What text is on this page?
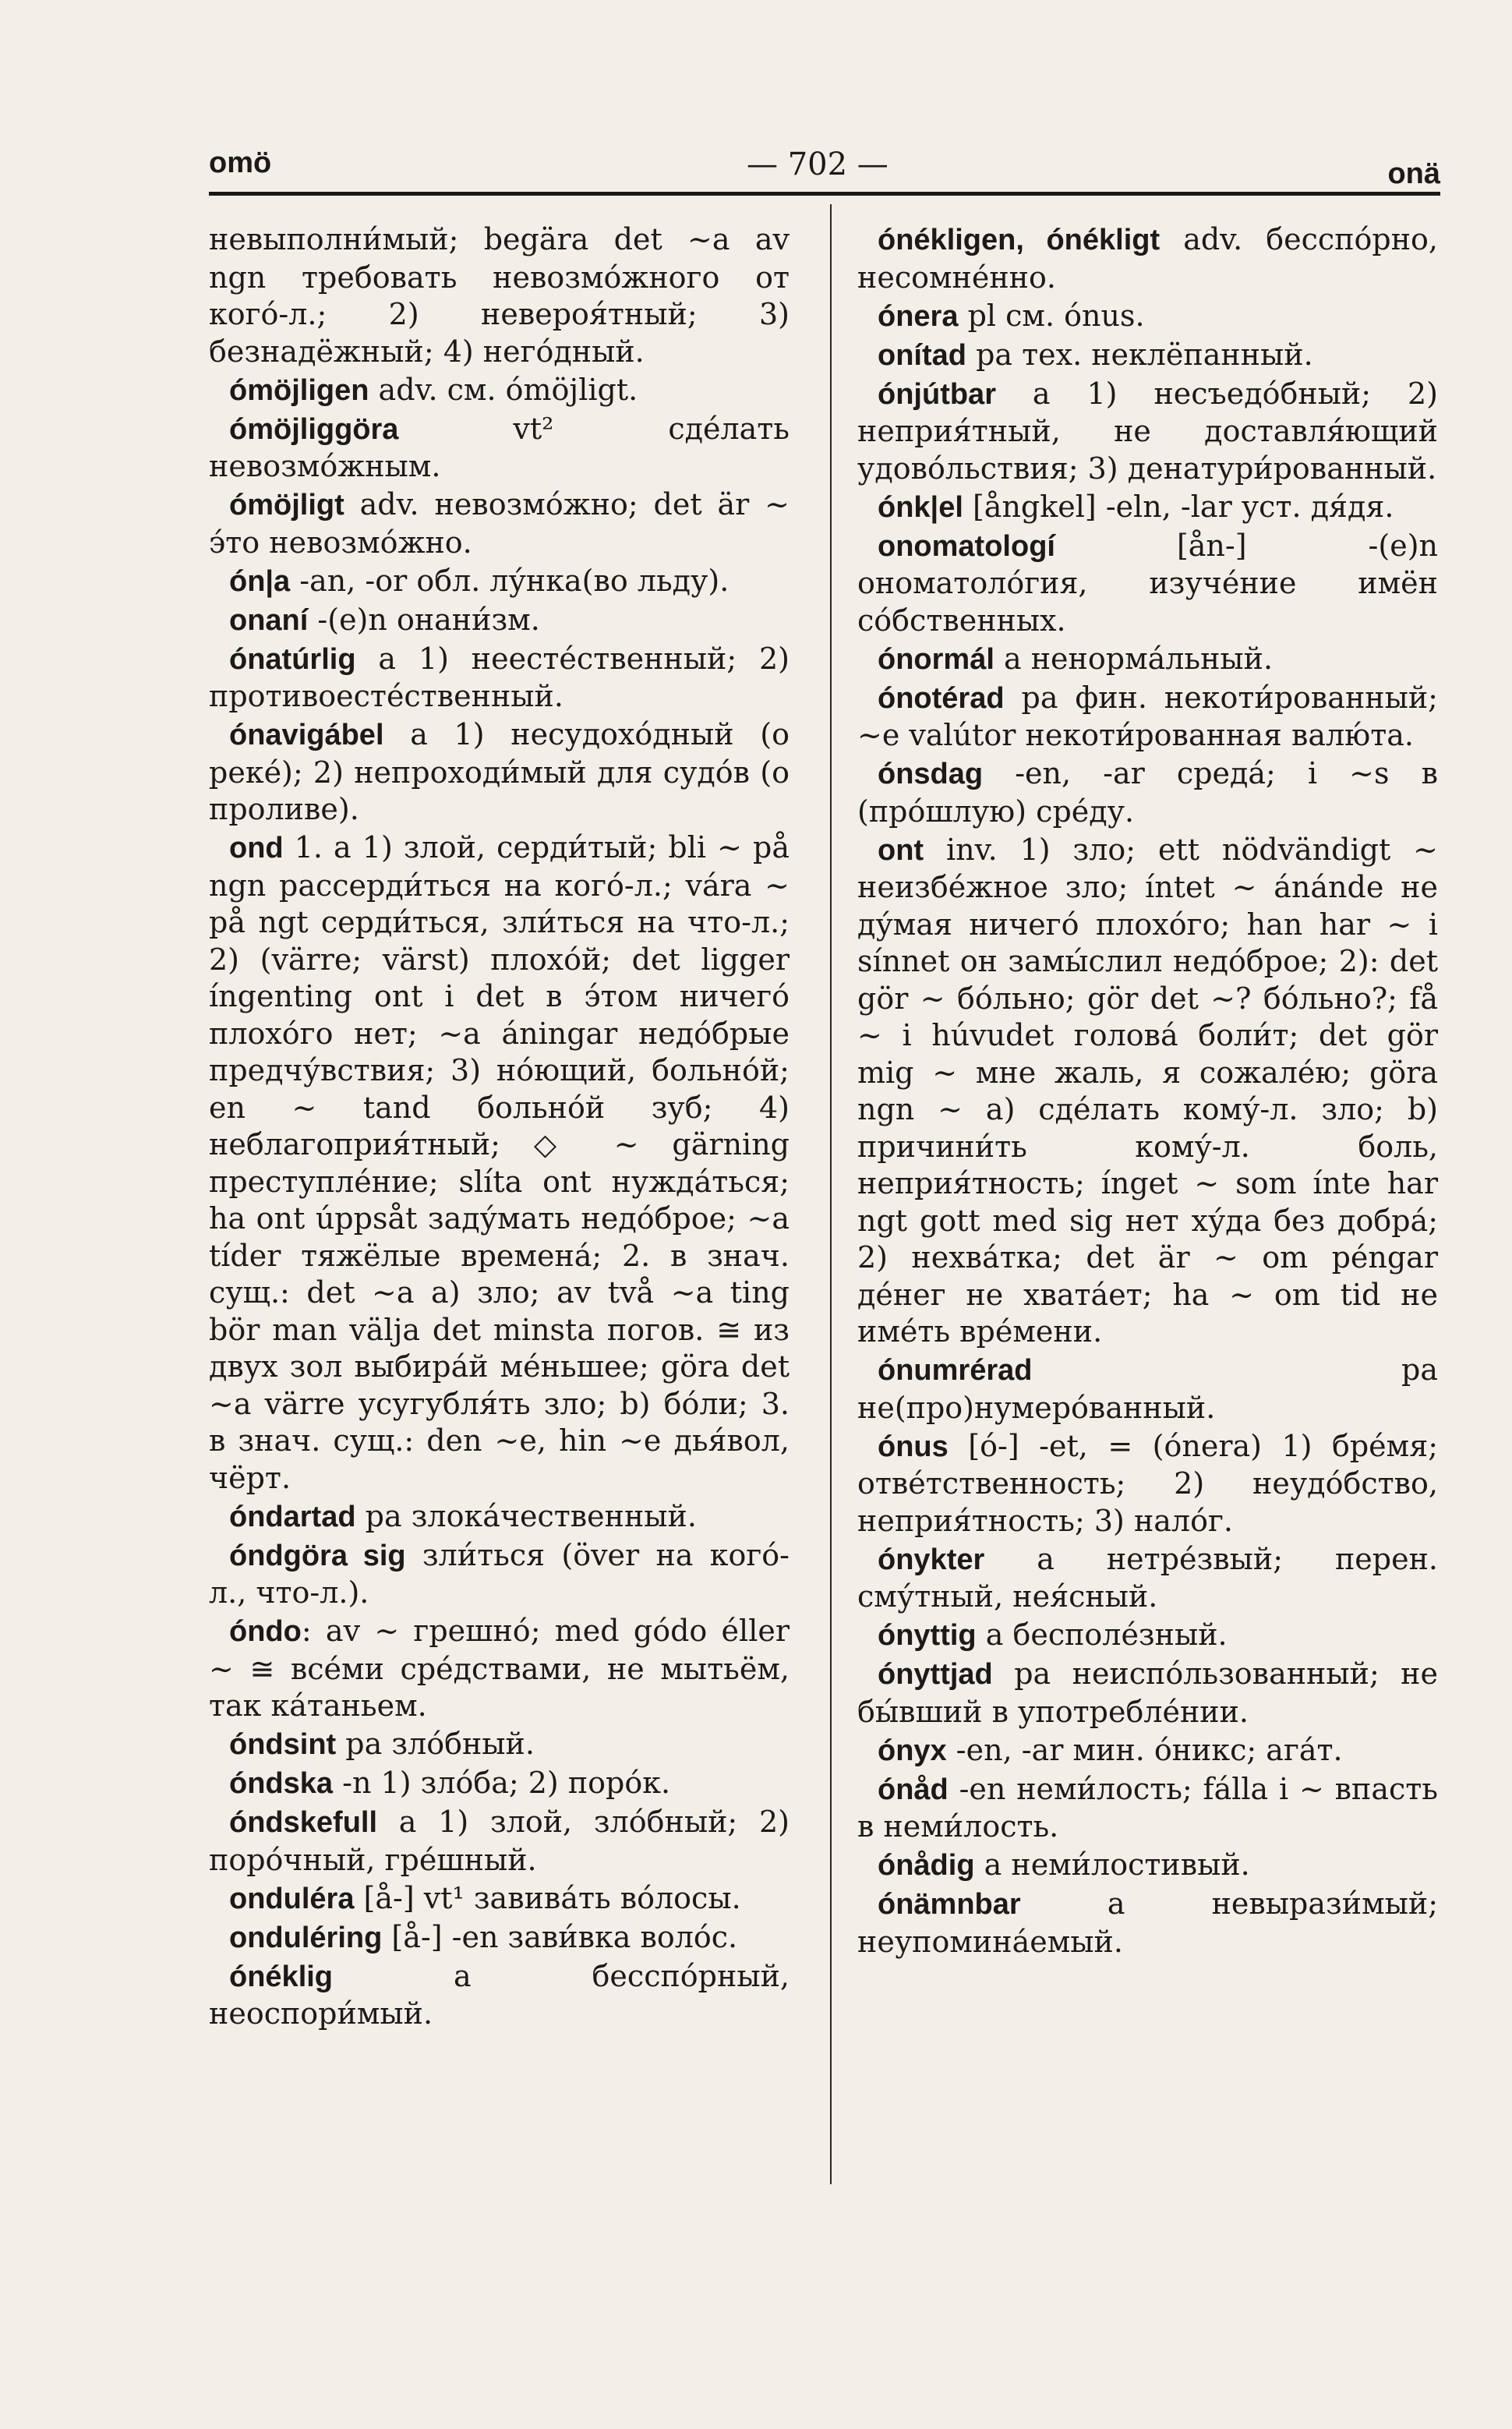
omö	— 702 —	onä

невыполни́мый; begära det ~a av ngn требовать невозмо́жного от кого́-л.; 2) невероя́тный; 3) безнадёжный; 4) него́дный.

ómöjligen adv. см. ómöjligt.

ómöjliggöra vt² сде́лать невозмо́жным.

ómöjligt adv. невозмо́жно; det är ~ э́то невозмо́жно.

ón|a -an, -or обл. лу́нка(во льду).

onaní -(e)n онани́зм.

ónatúrlig a 1) неесте́ственный; 2) противоесте́ственный.

ónavigábel a 1) несудохо́дный (о реке́); 2) непроходи́мый для судо́в (о проливе).

ond 1. a 1) злой, серди́тый; bli ~ på ngn рассерди́ться на кого́-л.; vára ~ på ngt серди́ться, зли́ться на что-л.; 2) (värre; värst) плохо́й; det ligger íngenting ont i det в э́том ничего́ плохо́го нет; ~a áningar недо́брые предчу́вствия; 3) но́ющий, больно́й; en ~ tand больно́й зуб; 4) неблагоприя́тный; ◇ ~ gärning преступле́ние; slíta ont нужда́ться; ha ont úppsåt заду́мать недо́брое; ~a tíder тяжёлые времена́; 2. в знач. сущ.: det ~a a) зло; av två ~a ting bör man välja det minsta погов. ≅ из двух зол выбира́й ме́ньшее; göra det ~a värre усугубля́ть зло; b) бо́ли; 3. в знач. сущ.: den ~e, hin ~e дья́вол, чёрт.

óndartad pa злока́чественный.

óndgöra sig зли́ться (över на кого́-л., что-л.).

óndo: av ~ грешно́; med gódo éller ~ ≅ все́ми сре́дствами, не мытьём, так ка́таньем.

óndsint pa зло́бный.

óndska -n 1) зло́ба; 2) поро́к.

óndskefull a 1) злой, зло́бный; 2) поро́чный, гре́шный.

onduléra [å-] vt¹ завива́ть во́лосы.

onduléring [å-] -en зави́вка воло́с.

ónéklig a бесспо́рный, неоспори́мый.

ónékligen, ónékligt adv. бесспо́рно, несомне́нно.

ónera pl см. ónus.

onítad pa тех. неклёпанный.

ónjútbar a 1) несъедо́бный; 2) неприя́тный, не доставля́ющий удово́льствия; 3) денатури́рованный.

ónk|el [ångkel] -eln, -lar уст. дя́дя.

onomatologí [ån-] -(e)n ономатоло́гия, изуче́ние имён со́бственных.

ónormál a ненорма́льный.

ónotérad pa фин. некоти́рованный; ~e valútor некоти́рованная валю́та.

ónsdag -en, -ar среда́; i ~s в (про́шлую) сре́ду.

ont inv. 1) зло; ett nödvändigt ~ неизбе́жное зло; íntet ~ ánánde не ду́мая ничего́ плохо́го; han har ~ i sínnet он замы́слил недо́брое; 2): det gör ~ бо́льно; gör det ~? бо́льно?; få ~ i húvudet голова́ боли́т; det gör mig ~ мне жаль, я сожале́ю; göra ngn ~ a) сде́лать кому́-л. зло; b) причини́ть кому́-л. боль, неприя́тность; ínget ~ som ínte har ngt gott med sig нет ху́да без добра́; 2) нехва́тка; det är ~ om péngar де́нег не хвата́ет; ha ~ om tid не име́ть вре́мени.

ónumrérad pa не(про)нумеро́ванный.

ónus [ó-] -et, = (ónera) 1) бре́мя; отве́тственность; 2) неудо́бство, неприя́тность; 3) нало́г.

ónykter a нетре́звый; перен. сму́тный, нея́сный.

ónyttig a бесполе́зный.

ónyttjad pa неиспо́льзованный; не бы́вший в употребле́нии.

ónyx -en, -ar мин. о́никс; ага́т.

ónåd -en неми́лость; fálla i ~ впасть в неми́лость.

ónådig a неми́лостивый.

ónämnbar a невырази́мый; неупомина́емый.
